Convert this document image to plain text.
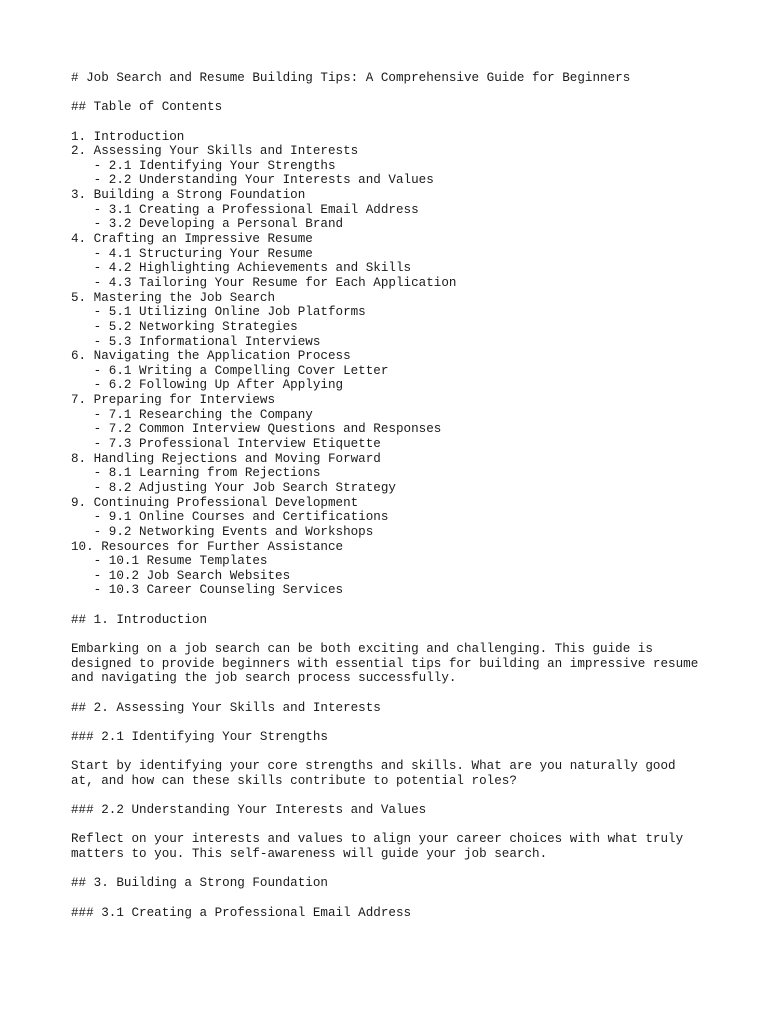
# Job Search and Resume Building Tips: A Comprehensive Guide for Beginners
## Table of Contents
1. Introduction
2. Assessing Your Skills and Interests
- 2.1 Identifying Your Strengths
- 2.2 Understanding Your Interests and Values
3. Building a Strong Foundation
- 3.1 Creating a Professional Email Address
- 3.2 Developing a Personal Brand
4. Crafting an Impressive Resume
- 4.1 Structuring Your Resume
- 4.2 Highlighting Achievements and Skills
- 4.3 Tailoring Your Resume for Each Application
5. Mastering the Job Search
- 5.1 Utilizing Online Job Platforms
- 5.2 Networking Strategies
- 5.3 Informational Interviews
6. Navigating the Application Process
- 6.1 Writing a Compelling Cover Letter
- 6.2 Following Up After Applying
7. Preparing for Interviews
- 7.1 Researching the Company
- 7.2 Common Interview Questions and Responses
- 7.3 Professional Interview Etiquette
8. Handling Rejections and Moving Forward
- 8.1 Learning from Rejections
- 8.2 Adjusting Your Job Search Strategy
9. Continuing Professional Development
- 9.1 Online Courses and Certifications
- 9.2 Networking Events and Workshops
10. Resources for Further Assistance
- 10.1 Resume Templates
- 10.2 Job Search Websites
- 10.3 Career Counseling Services
## 1. Introduction
Embarking on a job search can be both exciting and challenging. This guide is
designed to provide beginners with essential tips for building an impressive resume
and navigating the job search process successfully.
## 2. Assessing Your Skills and Interests
### 2.1 Identifying Your Strengths
Start by identifying your core strengths and skills. What are you naturally good
at, and how can these skills contribute to potential roles?
### 2.2 Understanding Your Interests and Values
Reflect on your interests and values to align your career choices with what truly
matters to you. This self-awareness will guide your job search.
## 3. Building a Strong Foundation
### 3.1 Creating a Professional Email Address
